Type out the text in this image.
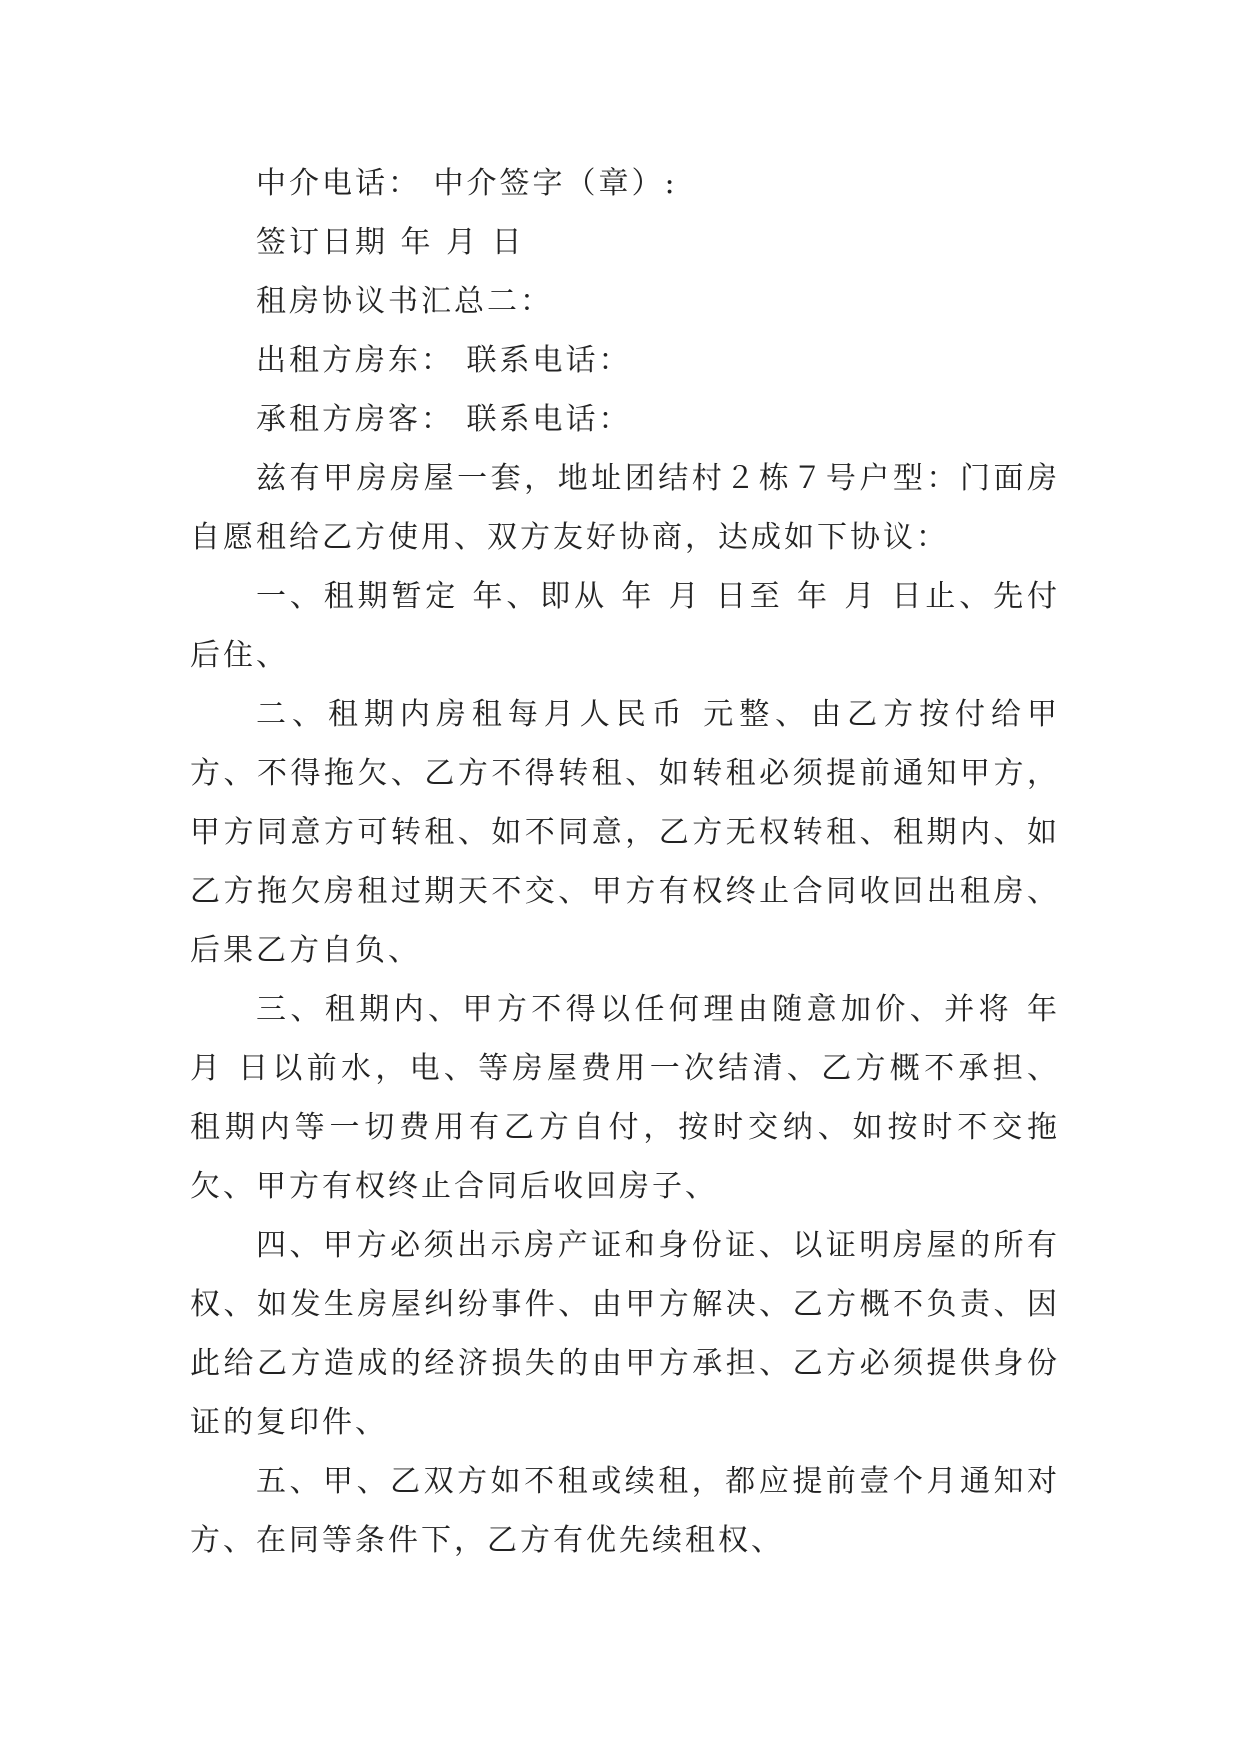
中介电话： 中介签字（章）:

签订日期 年 月 日

租房协议书汇总二：

出租方房东： 联系电话：

承租方房客： 联系电话：

兹有甲房房屋一套，地址团结村２栋７号户型：门面房自愿租给乙方使用、双方友好协商，达成如下协议：

一、租期暂定 年、即从 年 月 日至 年 月 日止、先付后住、

二、租期内房租每月人民币 元整、由乙方按付给甲方、不得拖欠、乙方不得转租、如转租必须提前通知甲方，甲方同意方可转租、如不同意，乙方无权转租、租期内、如乙方拖欠房租过期天不交、甲方有权终止合同收回出租房、后果乙方自负、

三、租期内、甲方不得以任何理由随意加价、并将 年 月 日以前水，电、等房屋费用一次结清、乙方概不承担、租期内等一切费用有乙方自付，按时交纳、如按时不交拖欠、甲方有权终止合同后收回房子、

四、甲方必须出示房产证和身份证、以证明房屋的所有权、如发生房屋纠纷事件、由甲方解决、乙方概不负责、因此给乙方造成的经济损失的由甲方承担、乙方必须提供身份证的复印件、

五、甲、乙双方如不租或续租，都应提前壹个月通知对方、在同等条件下，乙方有优先续租权、
